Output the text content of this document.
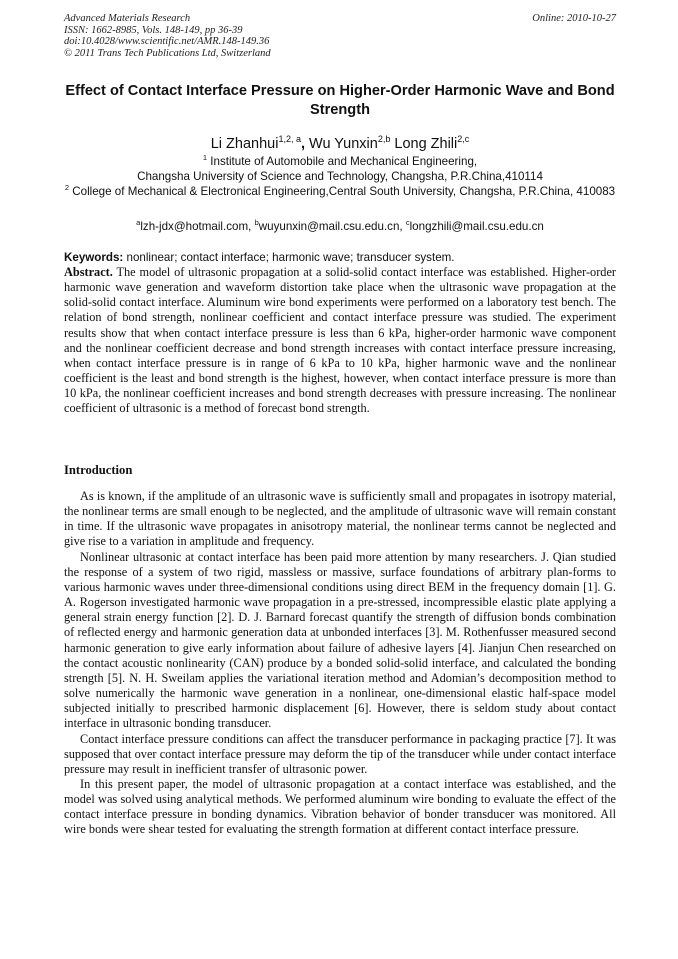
Advanced Materials Research
ISSN: 1662-8985, Vols. 148-149, pp 36-39
doi:10.4028/www.scientific.net/AMR.148-149.36
© 2011 Trans Tech Publications Ltd, Switzerland
Online: 2010-10-27
Effect of Contact Interface Pressure on Higher-Order Harmonic Wave and Bond Strength
Li Zhanhui$^{1,2, a}$, Wu Yunxin$^{2,b}$ Long Zhili$^{2,c}$
$^1$ Institute of Automobile and Mechanical Engineering,
Changsha University of Science and Technology, Changsha, P.R.China,410114
$^2$ College of Mechanical & Electronical Engineering,Central South University, Changsha, P.R.China, 410083
$^a$lzh-jdx@hotmail.com, $^b$wuyunxin@mail.csu.edu.cn, $^c$longzhili@mail.csu.edu.cn
Keywords: nonlinear; contact interface; harmonic wave; transducer system.
Abstract. The model of ultrasonic propagation at a solid-solid contact interface was established. Higher-order harmonic wave generation and waveform distortion take place when the ultrasonic wave propagation at the solid-solid contact interface. Aluminum wire bond experiments were performed on a laboratory test bench. The relation of bond strength, nonlinear coefficient and contact interface pressure was studied. The experiment results show that when contact interface pressure is less than 6 kPa, higher-order harmonic wave component and the nonlinear coefficient decrease and bond strength increases with contact interface pressure increasing, when contact interface pressure is in range of 6 kPa to 10 kPa, higher harmonic wave and the nonlinear coefficient is the least and bond strength is the highest, however, when contact interface pressure is more than 10 kPa, the nonlinear coefficient increases and bond strength decreases with pressure increasing. The nonlinear coefficient of ultrasonic is a method of forecast bond strength.
Introduction

As is known, if the amplitude of an ultrasonic wave is sufficiently small and propagates in isotropy material, the nonlinear terms are small enough to be neglected, and the amplitude of ultrasonic wave will remain constant in time. If the ultrasonic wave propagates in anisotropy material, the nonlinear terms cannot be neglected and give rise to a variation in amplitude and frequency.

Nonlinear ultrasonic at contact interface has been paid more attention by many researchers. J. Qian studied the response of a system of two rigid, massless or massive, surface foundations of arbitrary plan-forms to various harmonic waves under three-dimensional conditions using direct BEM in the frequency domain [1]. G. A. Rogerson investigated harmonic wave propagation in a pre-stressed, incompressible elastic plate applying a general strain energy function [2]. D. J. Barnard forecast quantify the strength of diffusion bonds combination of reflected energy and harmonic generation data at unbonded interfaces [3]. M. Rothenfusser measured second harmonic generation to give early information about failure of adhesive layers [4]. Jianjun Chen researched on the contact acoustic nonlinearity (CAN) produce by a bonded solid-solid interface, and calculated the bonding strength [5]. N. H. Sweilam applies the variational iteration method and Adomian’s decomposition method to solve numerically the harmonic wave generation in a nonlinear, one-dimensional elastic half-space model subjected initially to prescribed harmonic displacement [6]. However, there is seldom study about contact interface in ultrasonic bonding transducer.

Contact interface pressure conditions can affect the transducer performance in packaging practice [7]. It was supposed that over contact interface pressure may deform the tip of the transducer while under contact interface pressure may result in inefficient transfer of ultrasonic power.

In this present paper, the model of ultrasonic propagation at a contact interface was established, and the model was solved using analytical methods. We performed aluminum wire bonding to evaluate the effect of the contact interface pressure in bonding dynamics. Vibration behavior of bonder transducer was monitored. All wire bonds were shear tested for evaluating the strength formation at different contact interface pressure.
